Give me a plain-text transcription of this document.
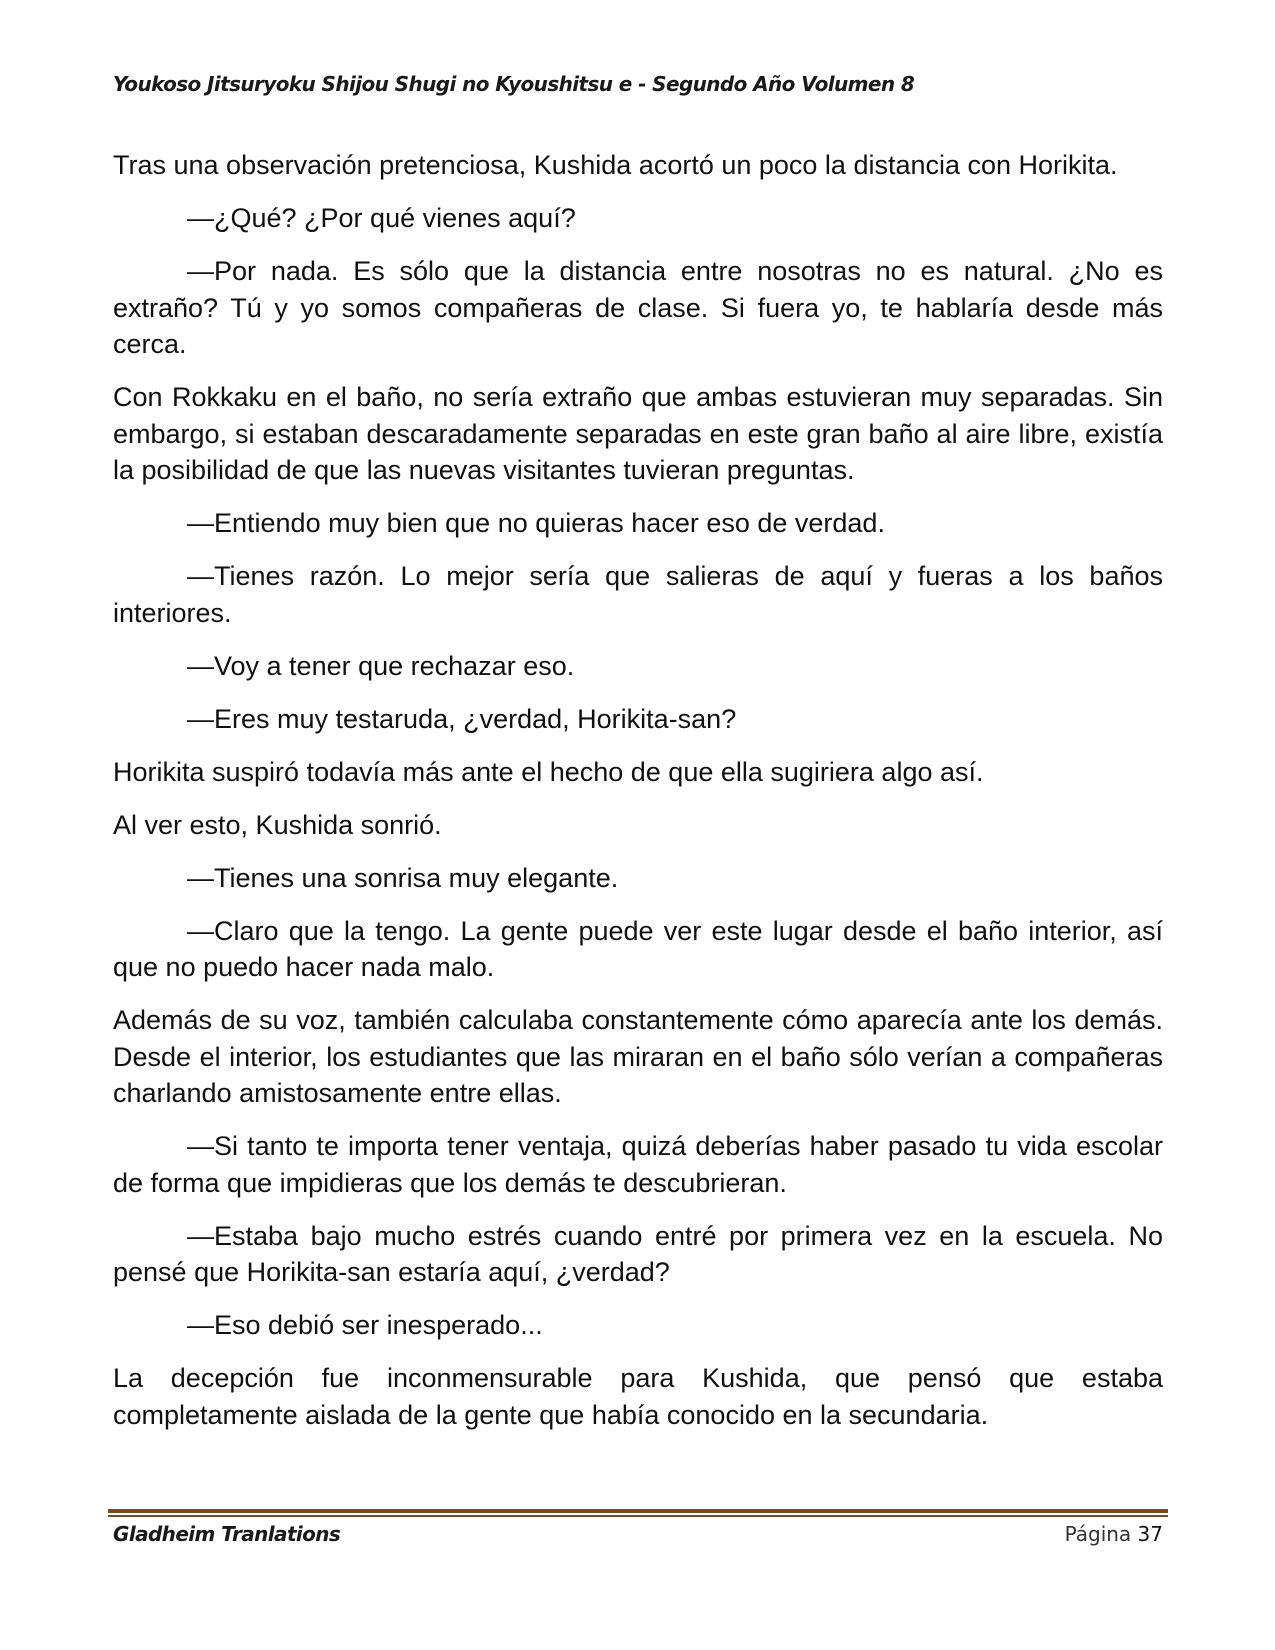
Youkoso Jitsuryoku Shijou Shugi no Kyoushitsu e - Segundo Año Volumen 8

Tras una observación pretenciosa, Kushida acortó un poco la distancia con Horikita.

—¿Qué? ¿Por qué vienes aquí?

—Por nada. Es sólo que la distancia entre nosotras no es natural. ¿No es extraño? Tú y yo somos compañeras de clase. Si fuera yo, te hablaría desde más cerca.

Con Rokkaku en el baño, no sería extraño que ambas estuvieran muy separadas. Sin embargo, si estaban descaradamente separadas en este gran baño al aire libre, existía la posibilidad de que las nuevas visitantes tuvieran preguntas.

—Entiendo muy bien que no quieras hacer eso de verdad.

—Tienes razón. Lo mejor sería que salieras de aquí y fueras a los baños interiores.

—Voy a tener que rechazar eso.

—Eres muy testaruda, ¿verdad, Horikita-san?

Horikita suspiró todavía más ante el hecho de que ella sugiriera algo así.

Al ver esto, Kushida sonrió.

—Tienes una sonrisa muy elegante.

—Claro que la tengo. La gente puede ver este lugar desde el baño interior, así que no puedo hacer nada malo.

Además de su voz, también calculaba constantemente cómo aparecía ante los demás. Desde el interior, los estudiantes que las miraran en el baño sólo verían a compañeras charlando amistosamente entre ellas.

—Si tanto te importa tener ventaja, quizá deberías haber pasado tu vida escolar de forma que impidieras que los demás te descubrieran.

—Estaba bajo mucho estrés cuando entré por primera vez en la escuela. No pensé que Horikita-san estaría aquí, ¿verdad?

—Eso debió ser inesperado...

La decepción fue inconmensurable para Kushida, que pensó que estaba completamente aislada de la gente que había conocido en la secundaria.

Gladheim Tranlations	Página 37
